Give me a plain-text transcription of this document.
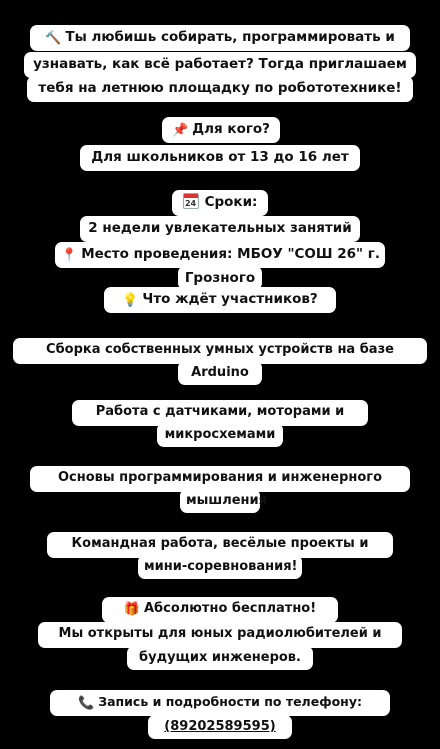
🔨 Ты любишь собирать, программировать и
узнавать, как всё работает? Тогда приглашаем
тебя на летнюю площадку по робототехнике!
📌 Для кого?
Для школьников от 13 до 16 лет
24 Сроки:
2 недели увлекательных занятий
📍 Место проведения: МБОУ "СОШ 26" г.
Грозного
💡 Что ждёт участников?
Сборка собственных умных устройств на базе
Arduino
Работа с датчиками, моторами и
микросхемами
Основы программирования и инженерного
мышления
Командная работа, весёлые проекты и
мини-соревнования!
🎁 Абсолютно бесплатно!
Мы открыты для юных радиолюбителей и
будущих инженеров.
📞 Запись и подробности по телефону:
(89202589595)
